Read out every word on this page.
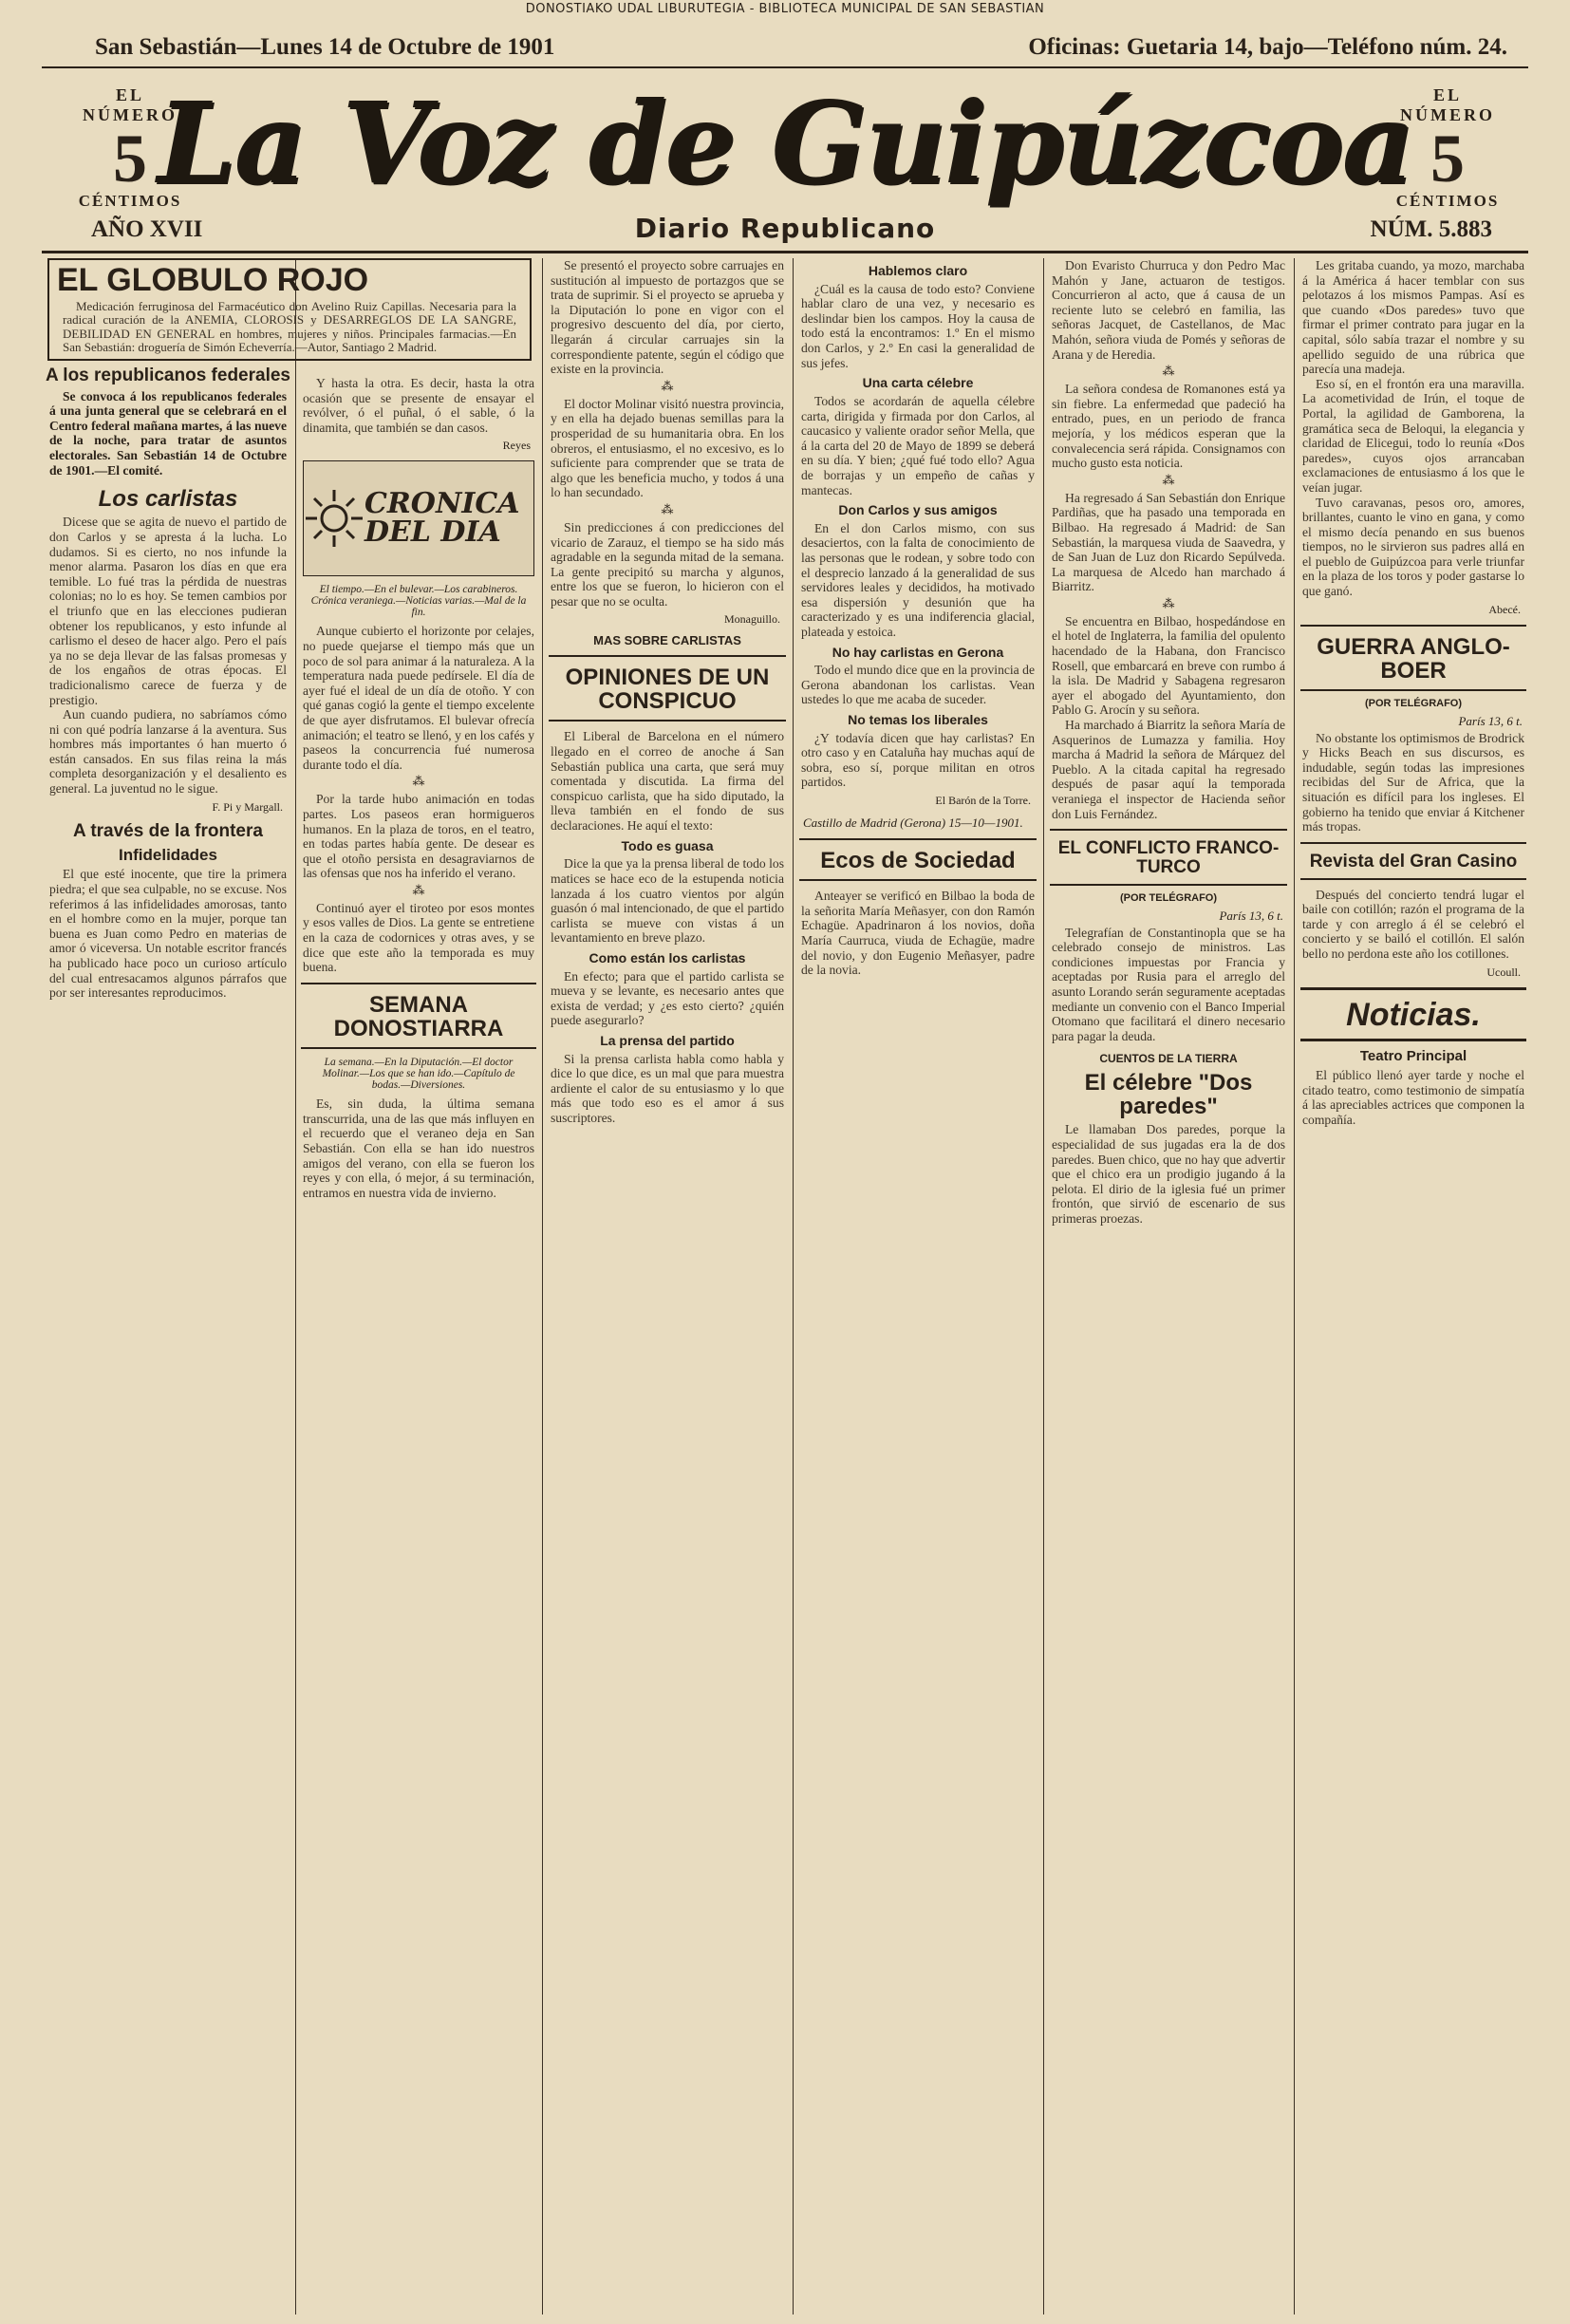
DONOSTIAKO UDAL LIBURUTEGIA - BIBLIOTECA MUNICIPAL DE SAN SEBASTIAN
San Sebastián—Lunes 14 de Octubre de 1901	Oficinas: Guetaria 14, bajo—Teléfono núm. 24.
EL NÚMERO
5
CÉNTIMOS
EL NÚMERO
5
CÉNTIMOS
La Voz de Guipúzcoa
AÑO XVII	Diario Republicano	NÚM. 5.883
EL GLOBULO ROJO
Medicación ferruginosa del Farmacéutico don Avelino Ruiz Capillas. Necesaria para la radical curación de la ANEMIA, CLOROSIS y DESARREGLOS DE LA SANGRE, DEBILIDAD EN GENERAL en hombres, mujeres y niños. Principales farmacias.—En San Sebastián: droguería de Simón Echeverría.—Autor, Santiago 2 Madrid.
A los republicanos federales
Se convoca á los republicanos federales á una junta general que se celebrará en el Centro federal mañana martes, á las nueve de la noche, para tratar de asuntos electorales. San Sebastián 14 de Octubre de 1901.—El comité.
Los carlistas
Dicese que se agita de nuevo el partido de don Carlos y se apresta á la lucha. Lo dudamos. Si es cierto, no nos infunde la menor alarma. Pasaron los días en que era temible. Lo fué tras la pérdida de nuestras colonias; no lo es hoy. Se temen cambios por el triunfo que en las elecciones pudieran obtener los republicanos, y esto infunde al carlismo el deseo de hacer algo. Pero el país ya no se deja llevar de las falsas promesas y de los engaños de otras épocas. El tradicionalismo carece de fuerza y de prestigio.
Aun cuando pudiera, no sabríamos cómo ni con qué podría lanzarse á la aventura. Sus hombres más importantes ó han muerto ó están cansados. En sus filas reina la más completa desorganización y el desaliento es general. La juventud no le sigue.
F. Pi y Margall.
A través de la frontera
Infidelidades
El que esté inocente, que tire la primera piedra; el que sea culpable, no se excuse. Nos referimos á las infidelidades amorosas, tanto en el hombre como en la mujer, porque tan buena es Juan como Pedro en materias de amor ó viceversa. Un notable escritor francés ha publicado hace poco un curioso artículo del cual entresacamos algunos párrafos que por ser interesantes reproducimos.
Y hasta la otra. Es decir, hasta la otra ocasión que se presente de ensayar el revólver, ó el puñal, ó el sable, ó la dinamita, que también se dan casos.
Reyes
CRONICA DEL DIA
El tiempo.—En el bulevar.—Los carabineros. Crónica veraniega.—Noticias varias.—Mal de la fin.
Aunque cubierto el horizonte por celajes, no puede quejarse el tiempo más que un poco de sol para animar á la naturaleza. A la temperatura nada puede pedírsele. El día de ayer fué el ideal de un día de otoño. Y con qué ganas cogió la gente el tiempo excelente de que ayer disfrutamos. El bulevar ofrecía animación; el teatro se llenó, y en los cafés y paseos la concurrencia fué numerosa durante todo el día.
⁂
Por la tarde hubo animación en todas partes. Los paseos eran hormigueros humanos. En la plaza de toros, en el teatro, en todas partes había gente. De desear es que el otoño persista en desagraviarnos de las ofensas que nos ha inferido el verano.
⁂
Continuó ayer el tiroteo por esos montes y esos valles de Dios. La gente se entretiene en la caza de codornices y otras aves, y se dice que este año la temporada es muy buena.
SEMANA DONOSTIARRA
La semana.—En la Diputación.—El doctor Molinar.—Los que se han ido.—Capítulo de bodas.—Diversiones.
Es, sin duda, la última semana transcurrida, una de las que más influyen en el recuerdo que el veraneo deja en San Sebastián. Con ella se han ido nuestros amigos del verano, con ella se fueron los reyes y con ella, ó mejor, á su terminación, entramos en nuestra vida de invierno.
Se presentó el proyecto sobre carruajes en sustitución al impuesto de portazgos que se trata de suprimir. Si el proyecto se aprueba y la Diputación lo pone en vigor con el progresivo descuento del día, por cierto, llegarán á circular carruajes sin la correspondiente patente, según el código que existe en la provincia.
⁂
El doctor Molinar visitó nuestra provincia, y en ella ha dejado buenas semillas para la prosperidad de su humanitaria obra. En los obreros, el entusiasmo, el no excesivo, es lo suficiente para comprender que se trata de algo que les beneficia mucho, y todos á una lo han secundado.
⁂
Sin predicciones á con predicciones del vicario de Zarauz, el tiempo se ha sido más agradable en la segunda mitad de la semana. La gente precipitó su marcha y algunos, entre los que se fueron, lo hicieron con el pesar que no se oculta.
Monaguillo.
MAS SOBRE CARLISTAS
OPINIONES DE UN CONSPICUO
El Liberal de Barcelona en el número llegado en el correo de anoche á San Sebastián publica una carta, que será muy comentada y discutida. La firma del conspicuo carlista, que ha sido diputado, la lleva también en el fondo de sus declaraciones. He aquí el texto:
Todo es guasa
Dice la que ya la prensa liberal de todo los matices se hace eco de la estupenda noticia lanzada á los cuatro vientos por algún guasón ó mal intencionado, de que el partido carlista se mueve con vistas á un levantamiento en breve plazo.
Como están los carlistas
En efecto; para que el partido carlista se mueva y se levante, es necesario antes que exista de verdad; y ¿es esto cierto? ¿quién puede asegurarlo?
La prensa del partido
Si la prensa carlista habla como habla y dice lo que dice, es un mal que para muestra ardiente el calor de su entusiasmo y lo que más que todo eso es el amor á sus suscriptores.
Hablemos claro
¿Cuál es la causa de todo esto? Conviene hablar claro de una vez, y necesario es deslindar bien los campos. Hoy la causa de todo está la encontramos: 1.º En el mismo don Carlos, y 2.º En casi la generalidad de sus jefes.
Una carta célebre
Todos se acordarán de aquella célebre carta, dirigida y firmada por don Carlos, al caucasico y valiente orador señor Mella, que á la carta del 20 de Mayo de 1899 se deberá en su día. Y bien; ¿qué fué todo ello? Agua de borrajas y un empeño de cañas y mantecas.
Don Carlos y sus amigos
En el don Carlos mismo, con sus desaciertos, con la falta de conocimiento de las personas que le rodean, y sobre todo con el desprecio lanzado á la generalidad de sus servidores leales y decididos, ha motivado esa dispersión y desunión que ha caracterizado y es una indiferencia glacial, plateada y estoica.
No hay carlistas en Gerona
Todo el mundo dice que en la provincia de Gerona abandonan los carlistas. Vean ustedes lo que me acaba de suceder.
No temas los liberales
¿Y todavía dicen que hay carlistas? En otro caso y en Cataluña hay muchas aquí de sobra, eso sí, porque militan en otros partidos.
El Barón de la Torre.
Castillo de Madrid (Gerona) 15—10—1901.
Ecos de Sociedad
Anteayer se verificó en Bilbao la boda de la señorita María Meñasyer, con don Ramón Echagüe. Apadrinaron á los novios, doña María Caurruca, viuda de Echagüe, madre del novio, y don Eugenio Meñasyer, padre de la novia.
Don Evaristo Churruca y don Pedro Mac Mahón y Jane, actuaron de testigos. Concurrieron al acto, que á causa de un reciente luto se celebró en familia, las señoras Jacquet, de Castellanos, de Mac Mahón, señora viuda de Pomés y señoras de Arana y de Heredia.
⁂
La señora condesa de Romanones está ya sin fiebre. La enfermedad que padeció ha entrado, pues, en un periodo de franca mejoría, y los médicos esperan que la convalecencia será rápida. Consignamos con mucho gusto esta noticia.
⁂
Ha regresado á San Sebastián don Enrique Pardiñas, que ha pasado una temporada en Bilbao. Ha regresado á Madrid: de San Sebastián, la marquesa viuda de Saavedra, y de San Juan de Luz don Ricardo Sepúlveda. La marquesa de Alcedo han marchado á Biarritz.
⁂
Se encuentra en Bilbao, hospedándose en el hotel de Inglaterra, la familia del opulento hacendado de la Habana, don Francisco Rosell, que embarcará en breve con rumbo á la isla. De Madrid y Sabagena regresaron ayer el abogado del Ayuntamiento, don Pablo G. Arocín y su señora.
Ha marchado á Biarritz la señora María de Asquerinos de Lumazza y familia. Hoy marcha á Madrid la señora de Márquez del Pueblo. A la citada capital ha regresado después de pasar aquí la temporada veraniega el inspector de Hacienda señor don Luis Fernández.
EL CONFLICTO FRANCO-TURCO
(POR TELÉGRAFO)
París 13, 6 t.
Telegrafían de Constantinopla que se ha celebrado consejo de ministros. Las condiciones impuestas por Francia y aceptadas por Rusia para el arreglo del asunto Lorando serán seguramente aceptadas mediante un convenio con el Banco Imperial Otomano que facilitará el dinero necesario para pagar la deuda.
CUENTOS DE LA TIERRA
El célebre "Dos paredes"
Le llamaban Dos paredes, porque la especialidad de sus jugadas era la de dos paredes. Buen chico, que no hay que advertir que el chico era un prodigio jugando á la pelota. El dirio de la iglesia fué un primer frontón, que sirvió de escenario de sus primeras proezas.
Les gritaba cuando, ya mozo, marchaba á la América á hacer temblar con sus pelotazos á los mismos Pampas. Así es que cuando «Dos paredes» tuvo que firmar el primer contrato para jugar en la capital, sólo sabía trazar el nombre y su apellido seguido de una rúbrica que parecía una madeja.
Eso sí, en el frontón era una maravilla. La acometividad de Irún, el toque de Portal, la agilidad de Gamborena, la gramática seca de Beloqui, la elegancia y claridad de Elicegui, todo lo reunía «Dos paredes», cuyos ojos arrancaban exclamaciones de entusiasmo á los que le veían jugar.
Tuvo caravanas, pesos oro, amores, brillantes, cuanto le vino en gana, y como el mismo decía penando en sus buenos tiempos, no le sirvieron sus padres allá en el pueblo de Guipúzcoa para verle triunfar en la plaza de los toros y poder gastarse lo que ganó.
Abecé.
GUERRA ANGLO-BOER
(POR TELÉGRAFO)
París 13, 6 t.
No obstante los optimismos de Brodrick y Hicks Beach en sus discursos, es indudable, según todas las impresiones recibidas del Sur de Africa, que la situación es difícil para los ingleses. El gobierno ha tenido que enviar á Kitchener más tropas.
Revista del Gran Casino
Después del concierto tendrá lugar el baile con cotillón; razón el programa de la tarde y con arreglo á él se celebró el concierto y se bailó el cotillón. El salón bello no perdona este año los cotillones.
Ucoull.
Noticias.
Teatro Principal
El público llenó ayer tarde y noche el citado teatro, como testimonio de simpatía á las apreciables actrices que componen la compañía.
